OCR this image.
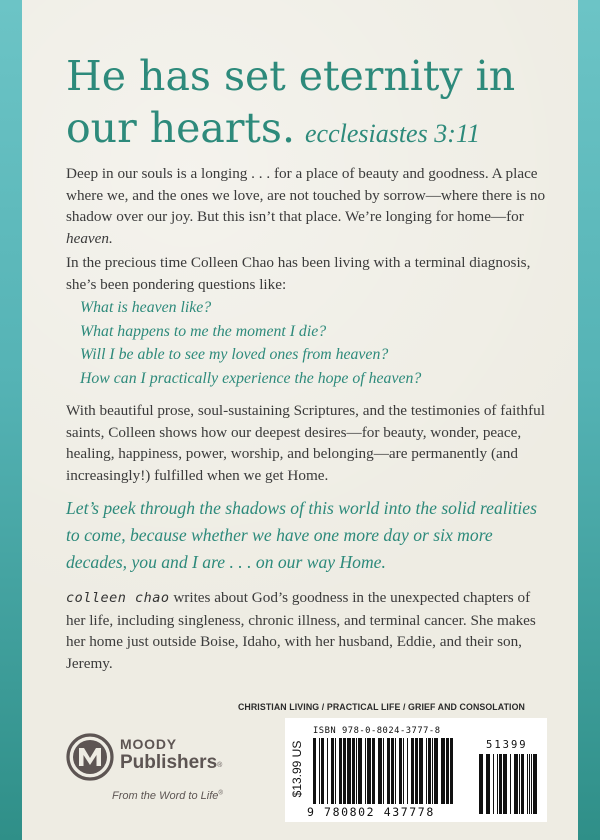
He has set eternity in our hearts. ecclesiastes 3:11

Deep in our souls is a longing . . . for a place of beauty and goodness. A place where we, and the ones we love, are not touched by sorrow—where there is no shadow over our joy. But this isn’t that place. We’re longing for home—for heaven.

In the precious time Colleen Chao has been living with a terminal diagnosis, she’s been pondering questions like:

What is heaven like?
What happens to me the moment I die?
Will I be able to see my loved ones from heaven?
How can I practically experience the hope of heaven?

With beautiful prose, soul-sustaining Scriptures, and the testimonies of faithful saints, Colleen shows how our deepest desires—for beauty, wonder, peace, healing, happiness, power, worship, and belonging—are permanently (and increasingly!) fulfilled when we get Home.

Let’s peek through the shadows of this world into the solid realities to come, because whether we have one more day or six more decades, you and I are . . . on our way Home.

colleen chao writes about God’s goodness in the unexpected chapters of her life, including singleness, chronic illness, and terminal cancer. She makes her home just outside Boise, Idaho, with her husband, Eddie, and their son, Jeremy.

CHRISTIAN LIVING / PRACTICAL LIFE / GRIEF AND CONSOLATION
MOODY
Publishers®
From the Word to Life®	$13.99 US
ISBN 978-0-8024-3777-8
9 780802 437778
51399
